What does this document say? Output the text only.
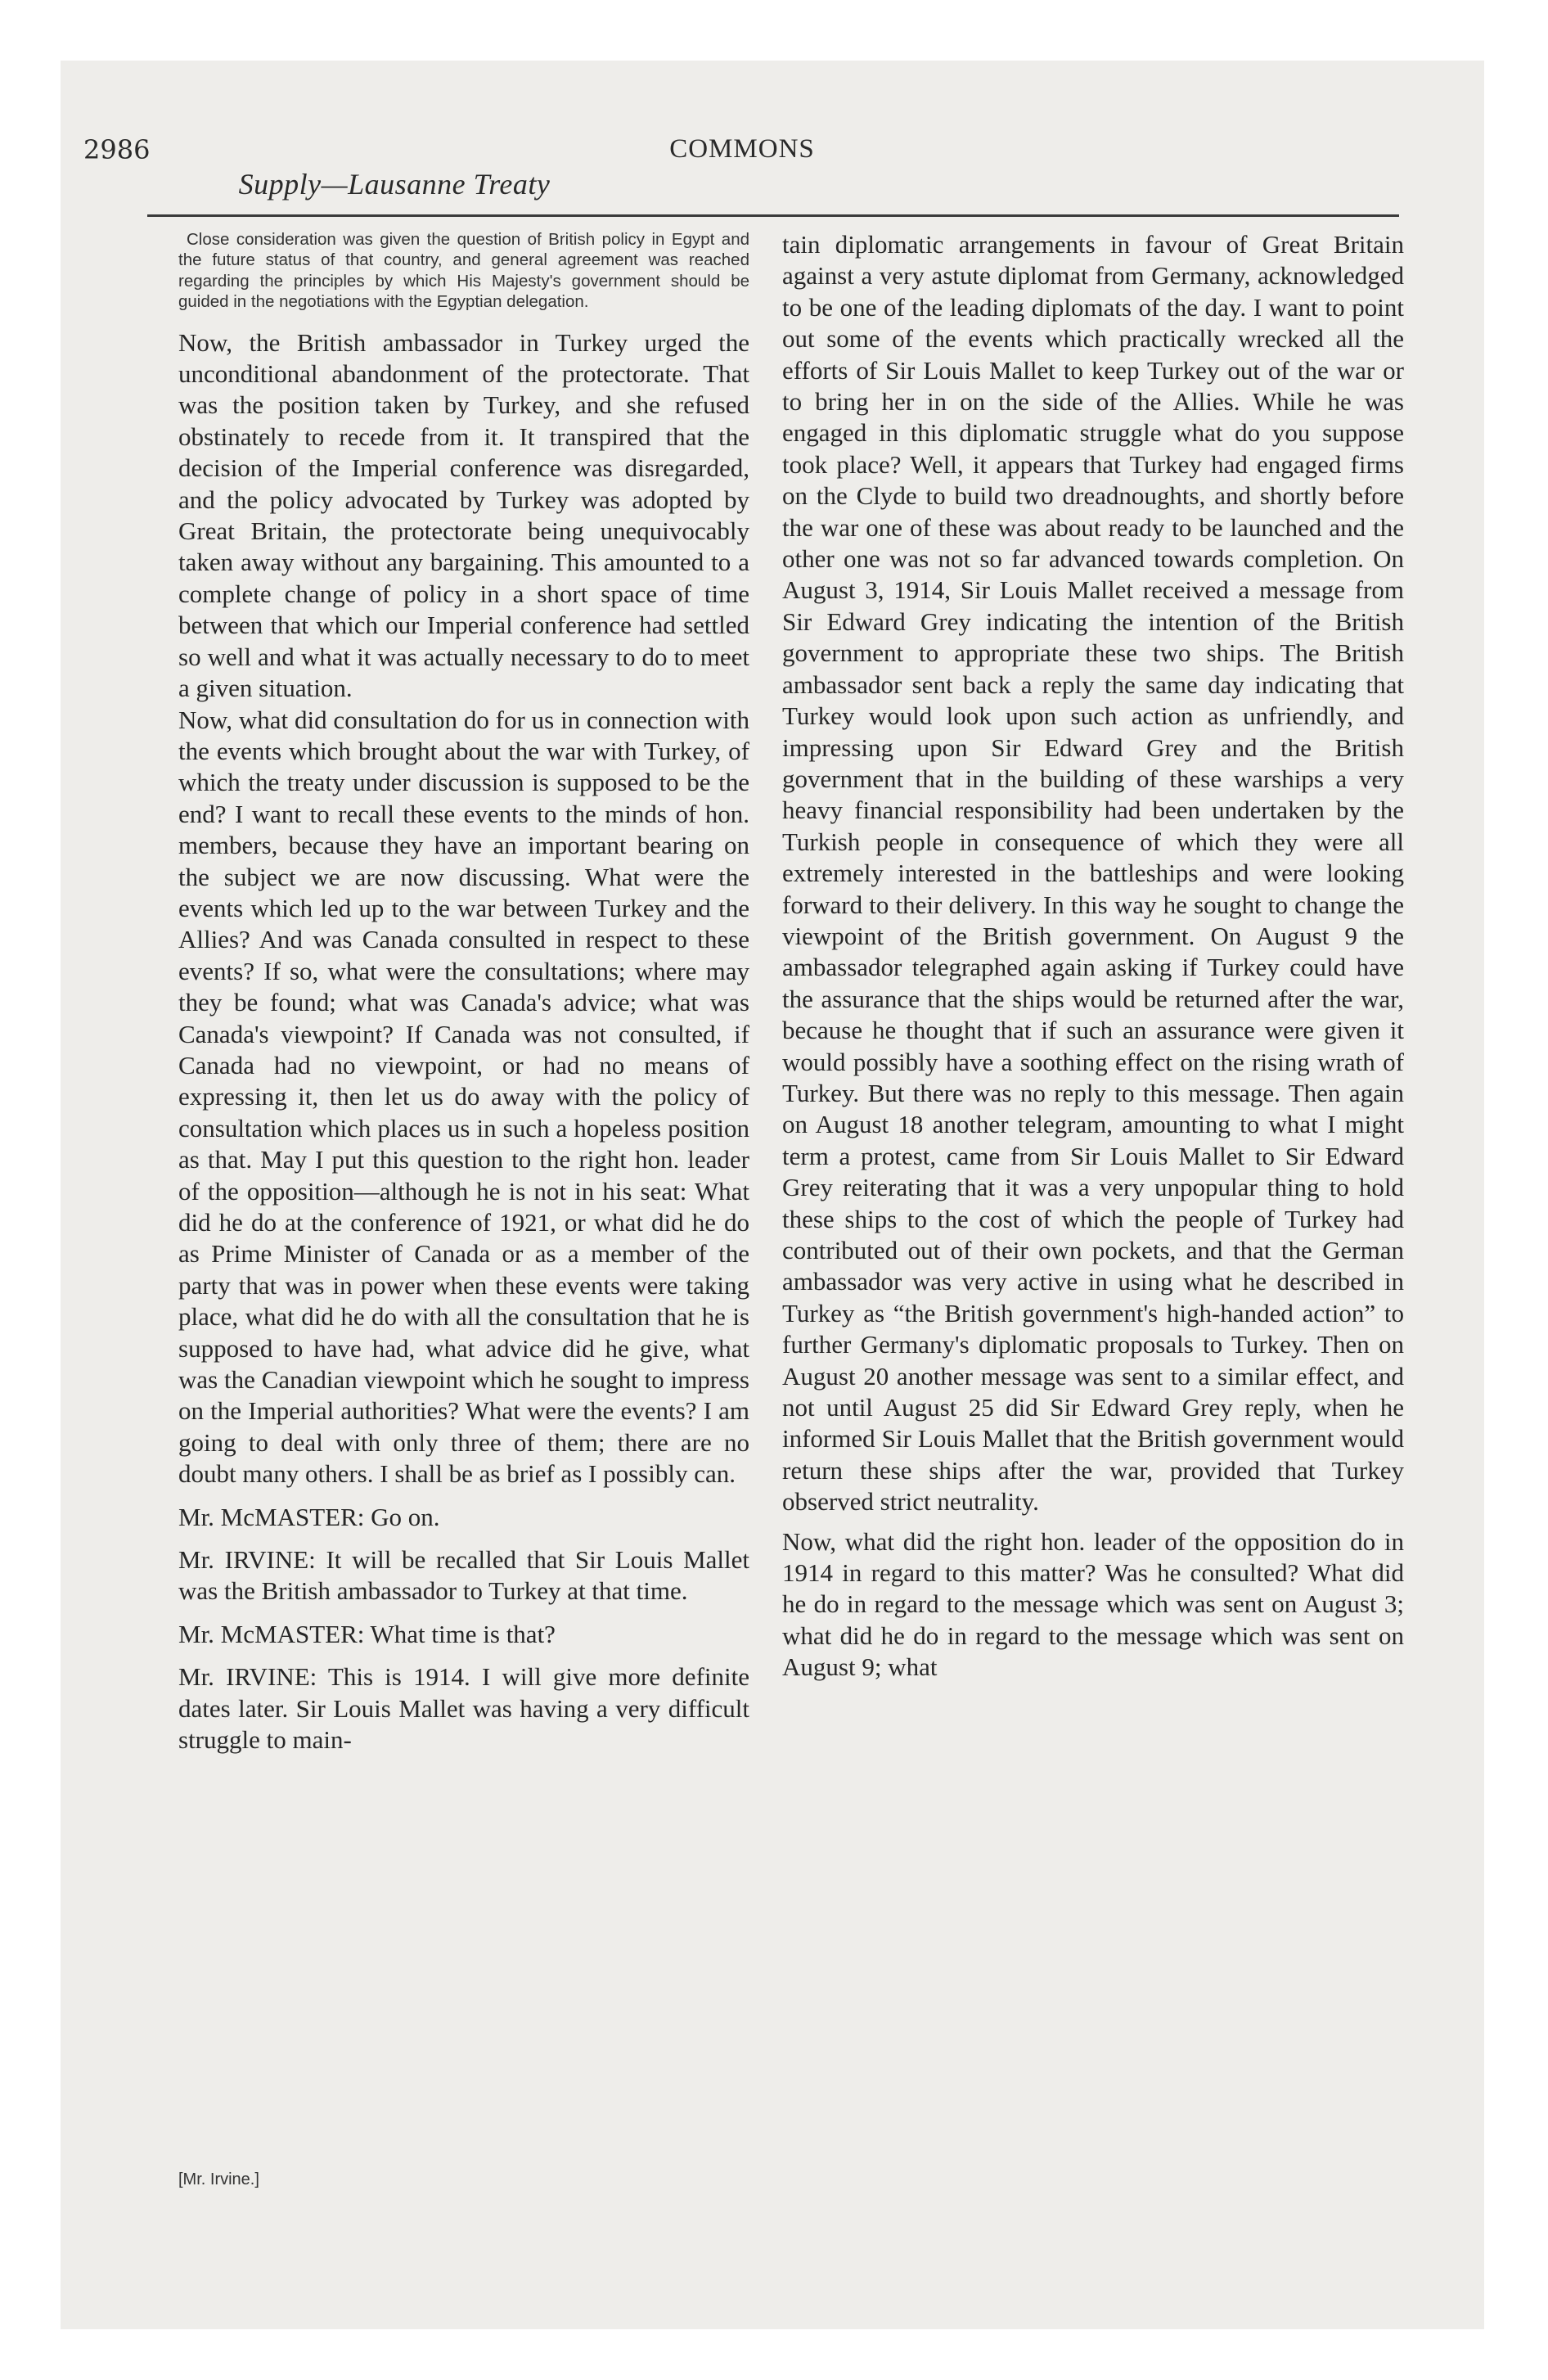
2986	COMMONS
Supply—Lausanne Treaty

Close consideration was given the question of British policy in Egypt and the future status of that country, and general agreement was reached regarding the principles by which His Majesty's government should be guided in the negotiations with the Egyptian delegation.

Now, the British ambassador in Turkey urged the unconditional abandonment of the protectorate. That was the position taken by Turkey, and she refused obstinately to recede from it. It transpired that the decision of the Imperial conference was disregarded, and the policy advocated by Turkey was adopted by Great Britain, the protectorate being unequivocably taken away without any bargaining. This amounted to a complete change of policy in a short space of time between that which our Imperial conference had settled so well and what it was actually necessary to do to meet a given situation.

Now, what did consultation do for us in connection with the events which brought about the war with Turkey, of which the treaty under discussion is supposed to be the end? I want to recall these events to the minds of hon. members, because they have an important bearing on the subject we are now discussing. What were the events which led up to the war between Turkey and the Allies? And was Canada consulted in respect to these events? If so, what were the consultations; where may they be found; what was Canada's advice; what was Canada's viewpoint? If Canada was not consulted, if Canada had no viewpoint, or had no means of expressing it, then let us do away with the policy of consultation which places us in such a hopeless position as that. May I put this question to the right hon. leader of the opposition—although he is not in his seat: What did he do at the conference of 1921, or what did he do as Prime Minister of Canada or as a member of the party that was in power when these events were taking place, what did he do with all the consultation that he is supposed to have had, what advice did he give, what was the Canadian viewpoint which he sought to impress on the Imperial authorities? What were the events? I am going to deal with only three of them; there are no doubt many others. I shall be as brief as I possibly can.

Mr. McMASTER: Go on.

Mr. IRVINE: It will be recalled that Sir Louis Mallet was the British ambassador to Turkey at that time.

Mr. McMASTER: What time is that?

Mr. IRVINE: This is 1914. I will give more definite dates later. Sir Louis Mallet was having a very difficult struggle to main-

[Mr. Irvine.]

tain diplomatic arrangements in favour of Great Britain against a very astute diplomat from Germany, acknowledged to be one of the leading diplomats of the day. I want to point out some of the events which practically wrecked all the efforts of Sir Louis Mallet to keep Turkey out of the war or to bring her in on the side of the Allies. While he was engaged in this diplomatic struggle what do you suppose took place? Well, it appears that Turkey had engaged firms on the Clyde to build two dreadnoughts, and shortly before the war one of these was about ready to be launched and the other one was not so far advanced towards completion. On August 3, 1914, Sir Louis Mallet received a message from Sir Edward Grey indicating the intention of the British government to appropriate these two ships. The British ambassador sent back a reply the same day indicating that Turkey would look upon such action as unfriendly, and impressing upon Sir Edward Grey and the British government that in the building of these warships a very heavy financial responsibility had been undertaken by the Turkish people in consequence of which they were all extremely interested in the battleships and were looking forward to their delivery. In this way he sought to change the viewpoint of the British government. On August 9 the ambassador telegraphed again asking if Turkey could have the assurance that the ships would be returned after the war, because he thought that if such an assurance were given it would possibly have a soothing effect on the rising wrath of Turkey. But there was no reply to this message. Then again on August 18 another telegram, amounting to what I might term a protest, came from Sir Louis Mallet to Sir Edward Grey reiterating that it was a very unpopular thing to hold these ships to the cost of which the people of Turkey had contributed out of their own pockets, and that the German ambassador was very active in using what he described in Turkey as “the British government's high-handed action” to further Germany's diplomatic proposals to Turkey. Then on August 20 another message was sent to a similar effect, and not until August 25 did Sir Edward Grey reply, when he informed Sir Louis Mallet that the British government would return these ships after the war, provided that Turkey observed strict neutrality.

Now, what did the right hon. leader of the opposition do in 1914 in regard to this matter? Was he consulted? What did he do in regard to the message which was sent on August 3; what did he do in regard to the message which was sent on August 9; what
